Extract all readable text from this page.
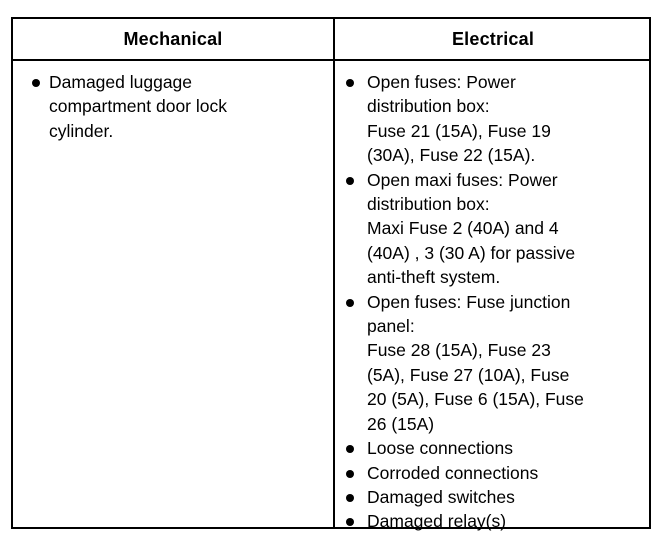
Mechanical	Electrical
Damaged luggage
compartment door lock
cylinder.
Open fuses: Power
distribution box:
Fuse 21 (15A), Fuse 19
(30A), Fuse 22 (15A).
Open maxi fuses: Power
distribution box:
Maxi Fuse 2 (40A) and 4
(40A) , 3 (30 A) for passive
anti-theft system.
Open fuses: Fuse junction
panel:
Fuse 28 (15A), Fuse 23
(5A), Fuse 27 (10A), Fuse
20 (5A), Fuse 6 (15A), Fuse
26 (15A)
Loose connections
Corroded connections
Damaged switches
Damaged relay(s)
